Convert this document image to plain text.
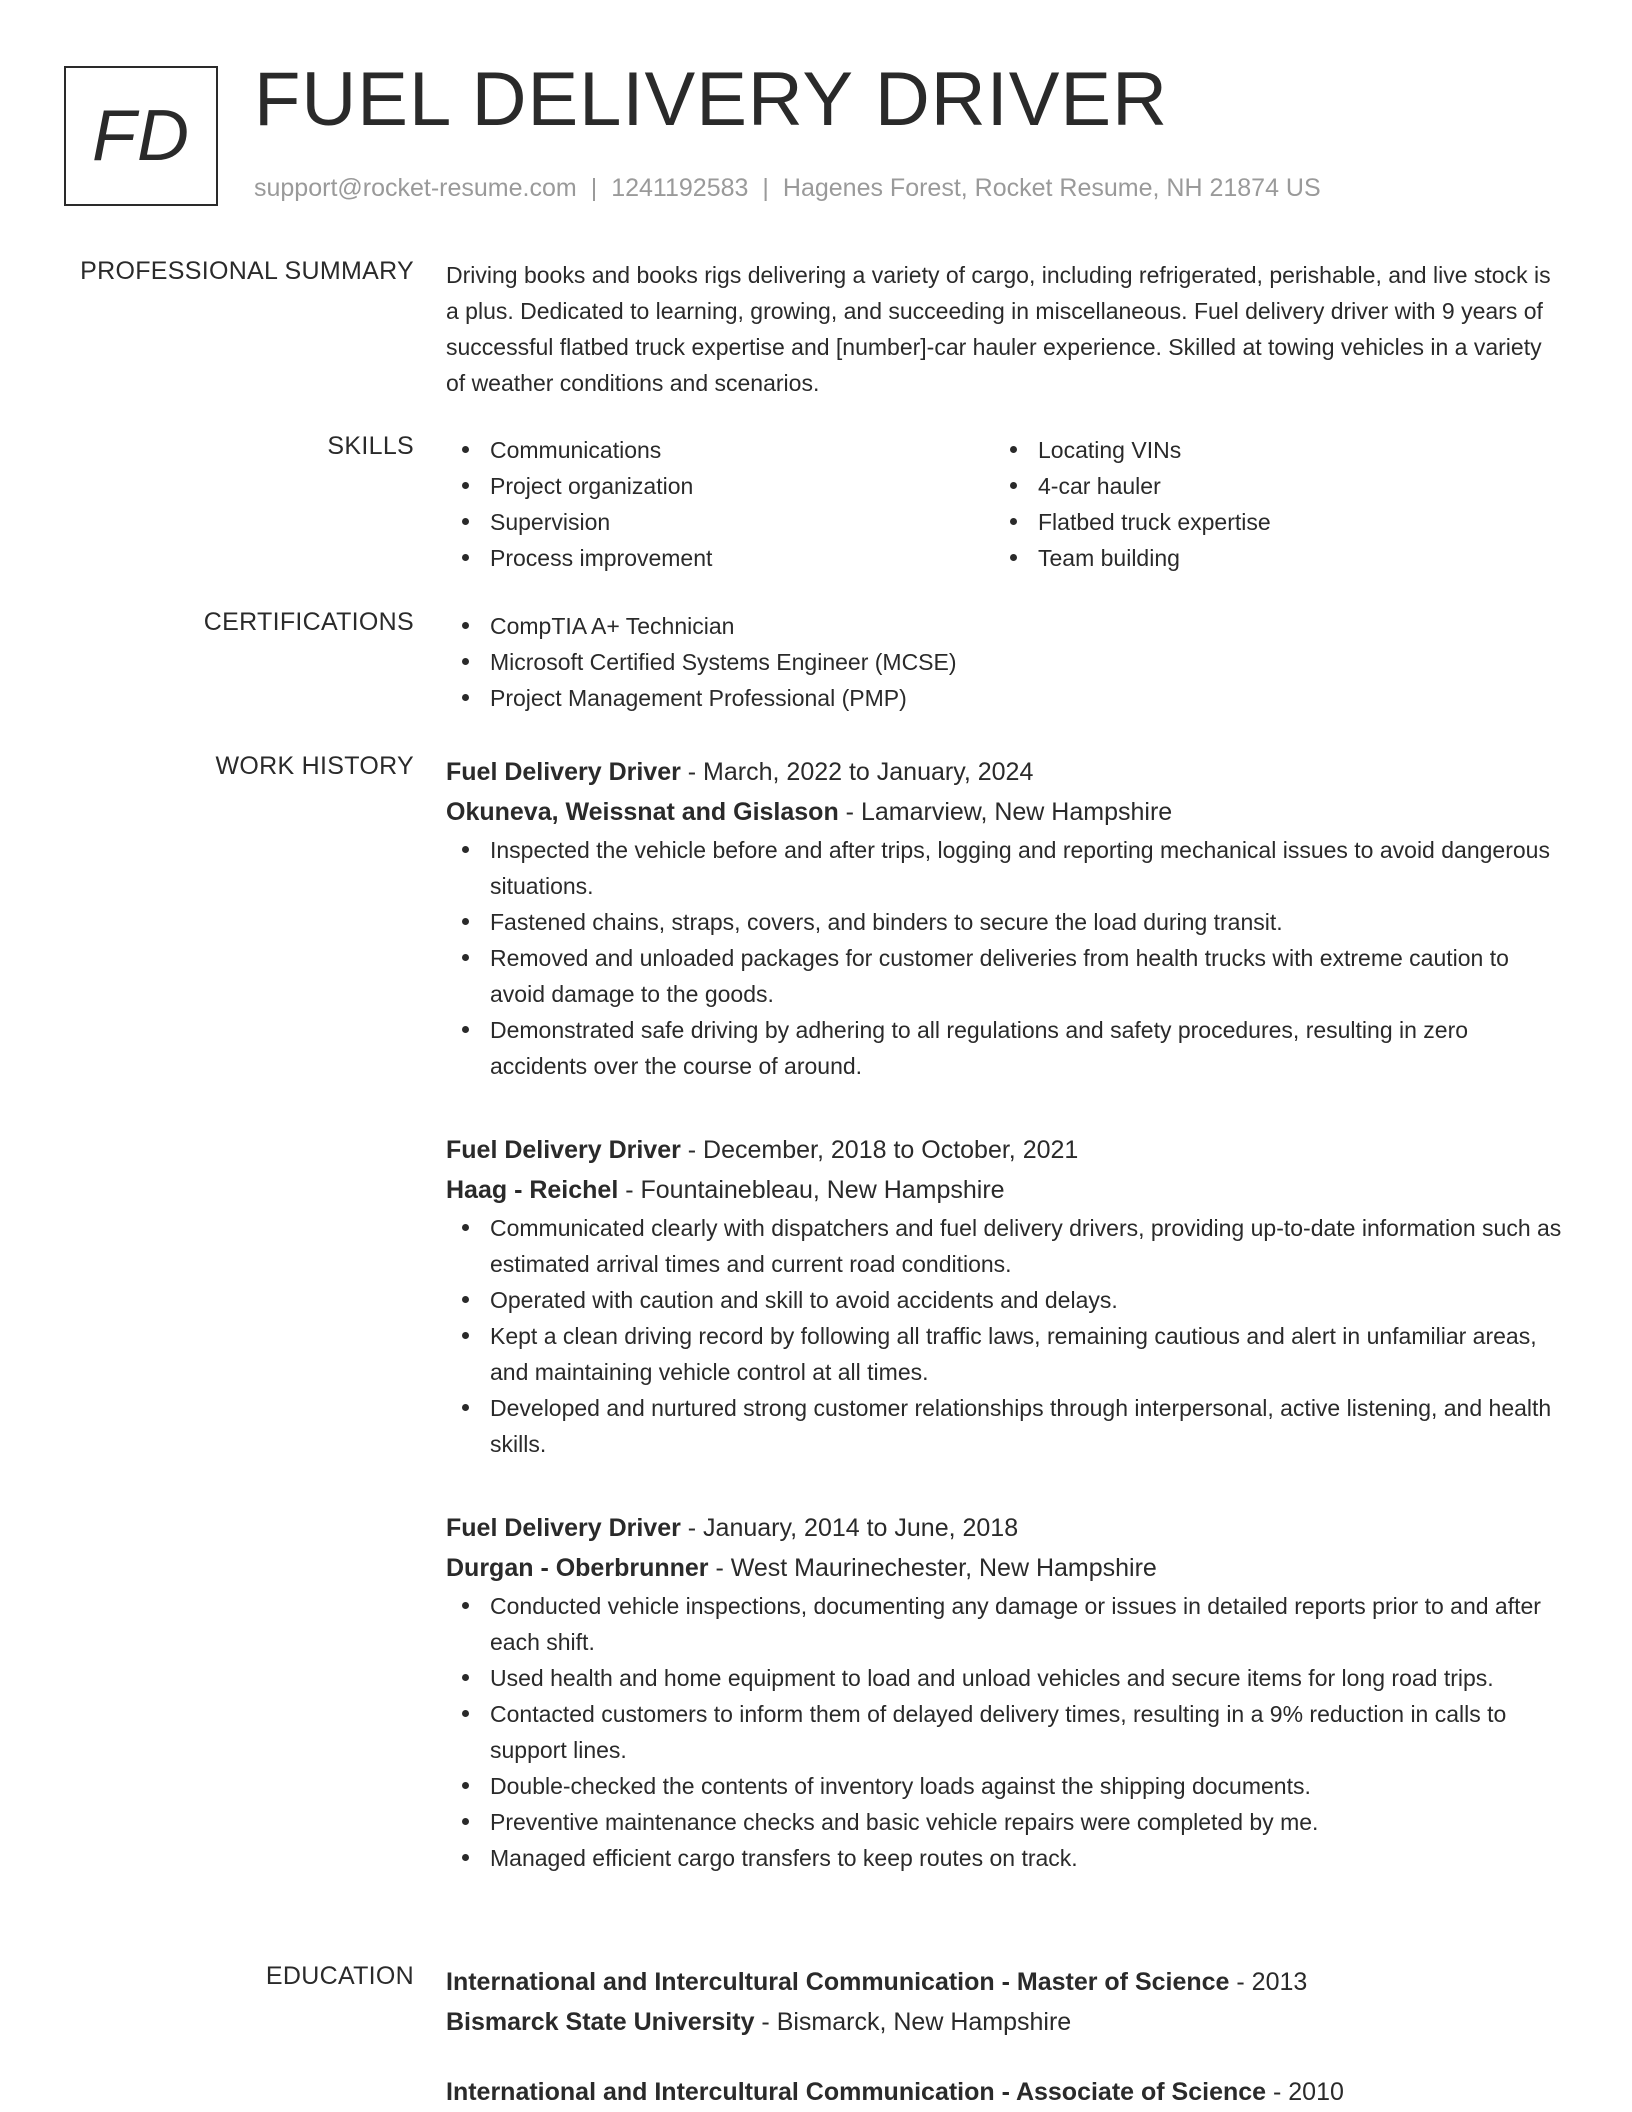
FD FUEL DELIVERY DRIVER
support@rocket-resume.com | 1241192583 | Hagenes Forest, Rocket Resume, NH 21874 US
PROFESSIONAL SUMMARY Driving books and books rigs delivering a variety of cargo, including refrigerated, perishable, and live stock is a plus. Dedicated to learning, growing, and succeeding in miscellaneous. Fuel delivery driver with 9 years of successful flatbed truck expertise and [number]-car hauler experience. Skilled at towing vehicles in a variety of weather conditions and scenarios.
SKILLS	Communications
Project organization
Supervision
Process improvement
Locating VINs
4-car hauler
Flatbed truck expertise
Team building
CERTIFICATIONS	CompTIA A+ Technician
Microsoft Certified Systems Engineer (MCSE)
Project Management Professional (PMP)
WORK HISTORY Fuel Delivery Driver - March, 2022 to January, 2024
Okuneva, Weissnat and Gislason - Lamarview, New Hampshire
Inspected the vehicle before and after trips, logging and reporting mechanical issues to avoid dangerous situations.
Fastened chains, straps, covers, and binders to secure the load during transit.
Removed and unloaded packages for customer deliveries from health trucks with extreme caution to avoid damage to the goods.
Demonstrated safe driving by adhering to all regulations and safety procedures, resulting in zero accidents over the course of around.
Fuel Delivery Driver - December, 2018 to October, 2021
Haag - Reichel - Fountainebleau, New Hampshire
Communicated clearly with dispatchers and fuel delivery drivers, providing up-to-date information such as estimated arrival times and current road conditions.
Operated with caution and skill to avoid accidents and delays.
Kept a clean driving record by following all traffic laws, remaining cautious and alert in unfamiliar areas, and maintaining vehicle control at all times.
Developed and nurtured strong customer relationships through interpersonal, active listening, and health skills.
Fuel Delivery Driver - January, 2014 to June, 2018
Durgan - Oberbrunner - West Maurinechester, New Hampshire
Conducted vehicle inspections, documenting any damage or issues in detailed reports prior to and after each shift.
Used health and home equipment to load and unload vehicles and secure items for long road trips.
Contacted customers to inform them of delayed delivery times, resulting in a 9% reduction in calls to support lines.
Double-checked the contents of inventory loads against the shipping documents.
Preventive maintenance checks and basic vehicle repairs were completed by me.
Managed efficient cargo transfers to keep routes on track.
EDUCATION International and Intercultural Communication - Master of Science - 2013
Bismarck State University - Bismarck, New Hampshire
International and Intercultural Communication - Associate of Science - 2010
